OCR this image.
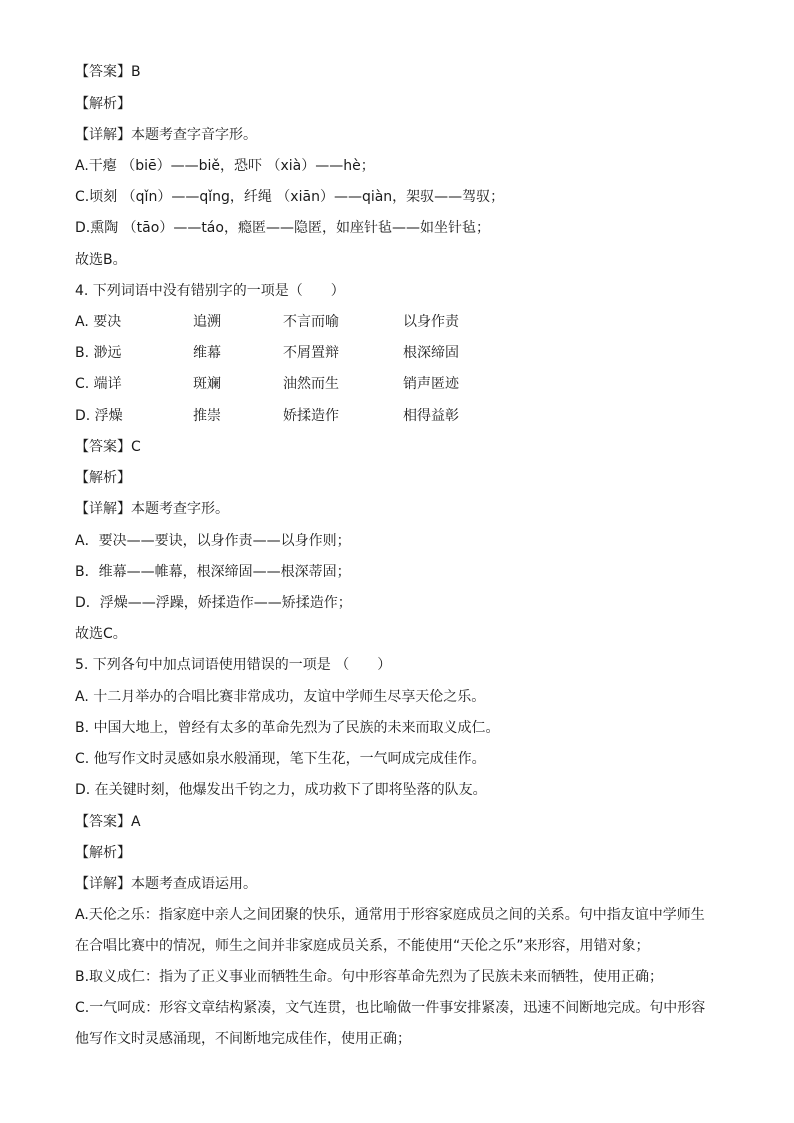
【答案】B
【解析】
【详解】本题考查字音字形。
A.干瘪 （biē）——biě，恐吓 （xià）——hè；
C.顷刻 （qǐn）——qǐng，纤绳 （xiān）——qiàn，架驭——驾驭；
D.熏陶 （tāo）——táo，瘾匿——隐匿，如座针毡——如坐针毡；
故选B。
4. 下列词语中没有错别字的一项是（　　）
A. 要决	追溯	不言而喻	以身作责
B. 渺远	维幕	不屑置辩	根深缔固
C. 端详	斑斓	油然而生	销声匿迹
D. 浮燥	推崇	娇揉造作	相得益彰
【答案】C
【解析】
【详解】本题考查字形。
A．要决——要诀，以身作责——以身作则；
B．维幕——帷幕，根深缔固——根深蒂固；
D．浮燥——浮躁，娇揉造作——矫揉造作；
故选C。
5. 下列各句中加点词语使用错误的一项是 （　　）
A. 十二月举办的合唱比赛非常成功，友谊中学师生尽享天伦之乐。
B. 中国大地上，曾经有太多的革命先烈为了民族的未来而取义成仁。
C. 他写作文时灵感如泉水般涌现，笔下生花，一气呵成完成佳作。
D. 在关键时刻，他爆发出千钧之力，成功救下了即将坠落的队友。
【答案】A
【解析】
【详解】本题考查成语运用。
A.天伦之乐：指家庭中亲人之间团聚的快乐，通常用于形容家庭成员之间的关系。句中指友谊中学师生在合唱比赛中的情况，师生之间并非家庭成员关系，不能使用“天伦之乐”来形容，用错对象；
B.取义成仁：指为了正义事业而牺牲生命。句中形容革命先烈为了民族未来而牺牲，使用正确；
C.一气呵成：形容文章结构紧凑，文气连贯，也比喻做一件事安排紧凑，迅速不间断地完成。句中形容他写作文时灵感涌现，不间断地完成佳作，使用正确；
